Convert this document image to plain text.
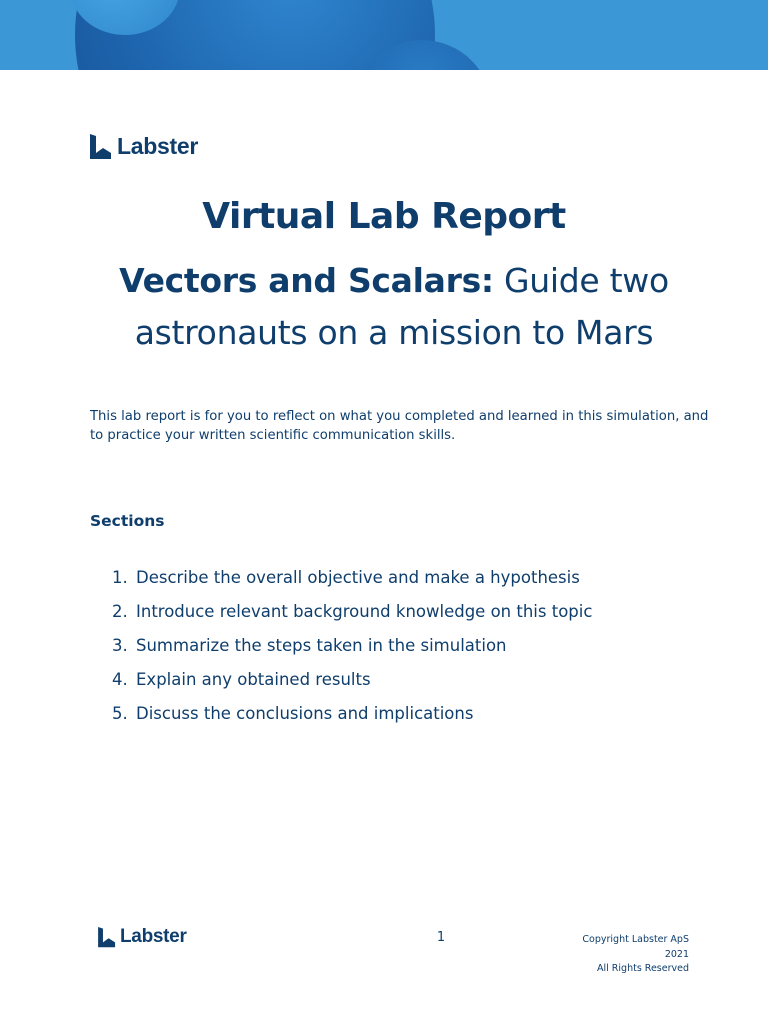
Labster
Virtual Lab Report
Vectors and Scalars: Guide two
astronauts on a mission to Mars

This lab report is for you to reflect on what you completed and learned in this simulation, and to practice your written scientific communication skills.

Sections
1. Describe the overall objective and make a hypothesis
2. Introduce relevant background knowledge on this topic
3. Summarize the steps taken in the simulation
4. Explain any obtained results
5. Discuss the conclusions and implications
Labster	1	Copyright Labster ApS
2021
All Rights Reserved
